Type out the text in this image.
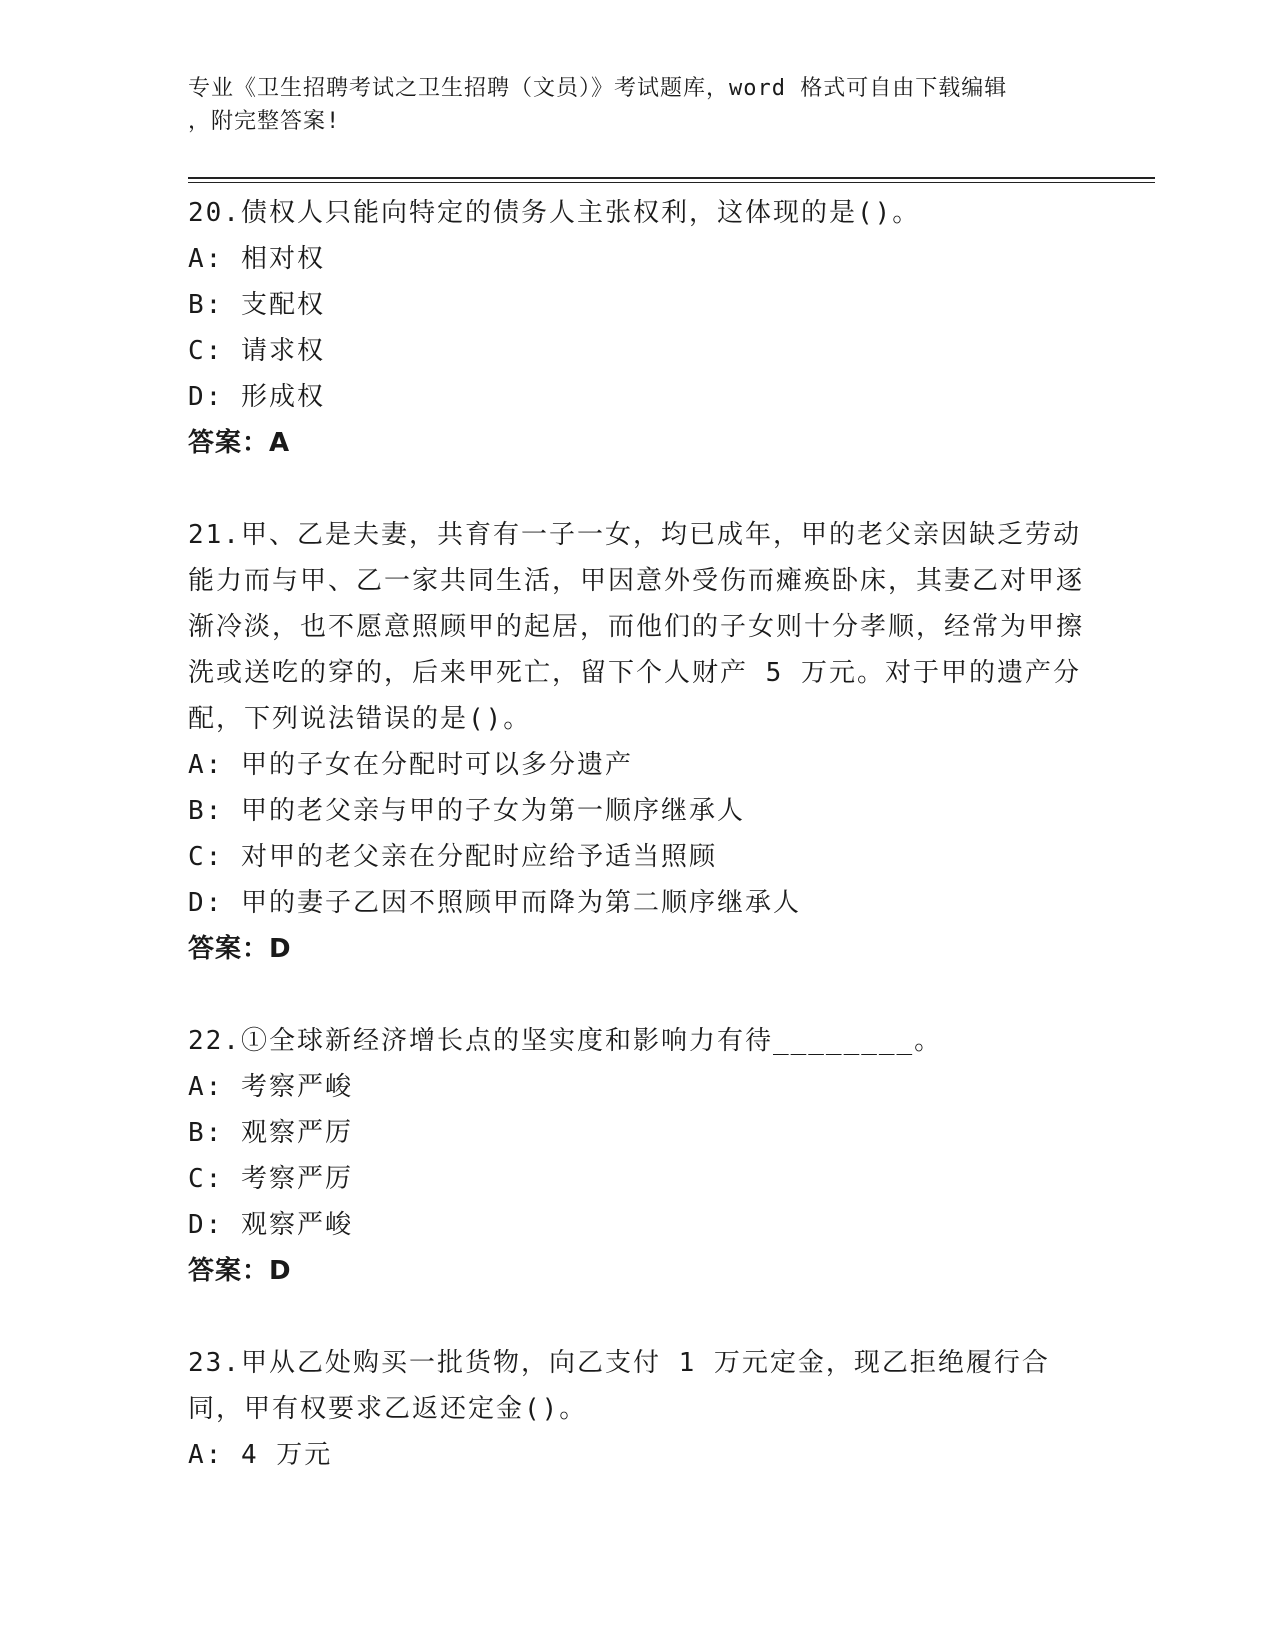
专业《卫生招聘考试之卫生招聘（文员）》考试题库，word 格式可自由下载编辑
，附完整答案!
20.债权人只能向特定的债务人主张权利，这体现的是()。
A: 相对权
B: 支配权
C: 请求权
D: 形成权
答案：A
21.甲、乙是夫妻，共育有一子一女，均已成年，甲的老父亲因缺乏劳动能力而与甲、乙一家共同生活，甲因意外受伤而瘫痪卧床，其妻乙对甲逐渐冷淡，也不愿意照顾甲的起居，而他们的子女则十分孝顺，经常为甲擦洗或送吃的穿的，后来甲死亡，留下个人财产 5 万元。对于甲的遗产分配，下列说法错误的是()。
A: 甲的子女在分配时可以多分遗产
B: 甲的老父亲与甲的子女为第一顺序继承人
C: 对甲的老父亲在分配时应给予适当照顾
D: 甲的妻子乙因不照顾甲而降为第二顺序继承人
答案：D
22.①全球新经济增长点的坚实度和影响力有待________。
A: 考察严峻
B: 观察严厉
C: 考察严厉
D: 观察严峻
答案：D
23.甲从乙处购买一批货物，向乙支付 1 万元定金，现乙拒绝履行合同，甲有权要求乙返还定金()。
A: 4 万元
